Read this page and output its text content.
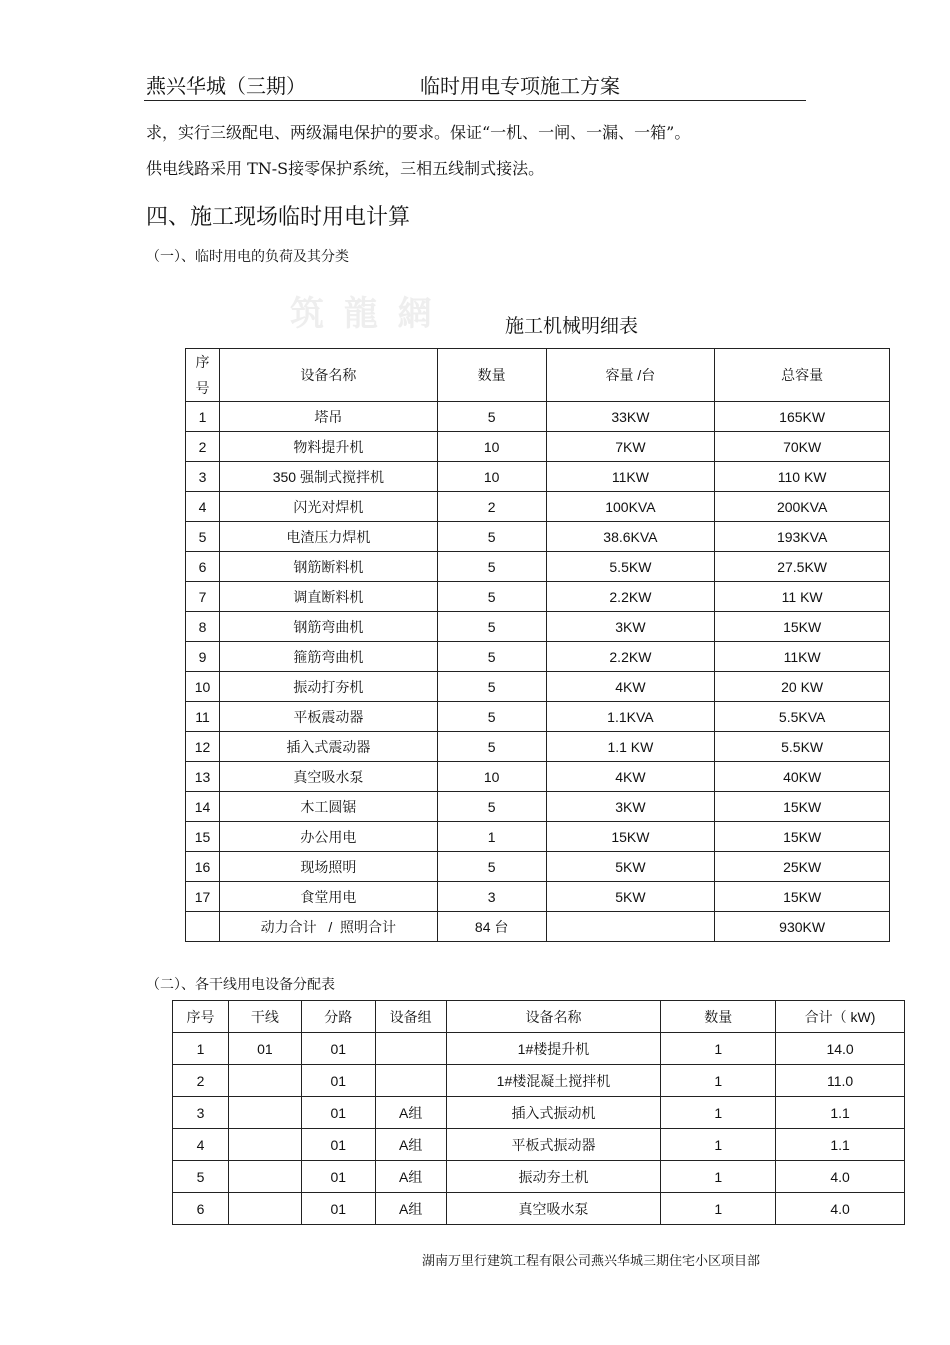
燕兴华城（三期）	临时用电专项施工方案
求，实行三级配电、两级漏电保护的要求。保证“一机、一闸、一漏、一箱”。
供电线路采用 TN-S接零保护系统，三相五线制式接法。
四、施工现场临时用电计算
（一）、临时用电的负荷及其分类
筑 龍 網	施工机械明细表
序
号	设备名称	数量	容量 /台	总容量
1	塔吊	5	33KW	165KW
2	物料提升机	10	7KW	70KW
3	350 强制式搅拌机	10	11KW	110 KW
4	闪光对焊机	2	100KVA	200KVA
5	电渣压力焊机	5	38.6KVA	193KVA
6	钢筋断料机	5	5.5KW	27.5KW
7	调直断料机	5	2.2KW	11 KW
8	钢筋弯曲机	5	3KW	15KW
9	箍筋弯曲机	5	2.2KW	11KW
10	振动打夯机	5	4KW	20 KW
11	平板震动器	5	1.1KVA	5.5KVA
12	插入式震动器	5	1.1 KW	5.5KW
13	真空吸水泵	10	4KW	40KW
14	木工圆锯	5	3KW	15KW
15	办公用电	1	15KW	15KW
16	现场照明	5	5KW	25KW
17	食堂用电	3	5KW	15KW
	动力合计   /  照明合计	84 台		930KW
（二）、各干线用电设备分配表
序号	干线	分路	设备组	设备名称	数量	合计（ kW)
1	01	01		1#楼提升机	1	14.0
2		01		1#楼混凝土搅拌机	1	11.0
3		01	A组	插入式振动机	1	1.1
4		01	A组	平板式振动器	1	1.1
5		01	A组	振动夯土机	1	4.0
6		01	A组	真空吸水泵	1	4.0
湖南万里行建筑工程有限公司燕兴华城三期住宅小区项目部
